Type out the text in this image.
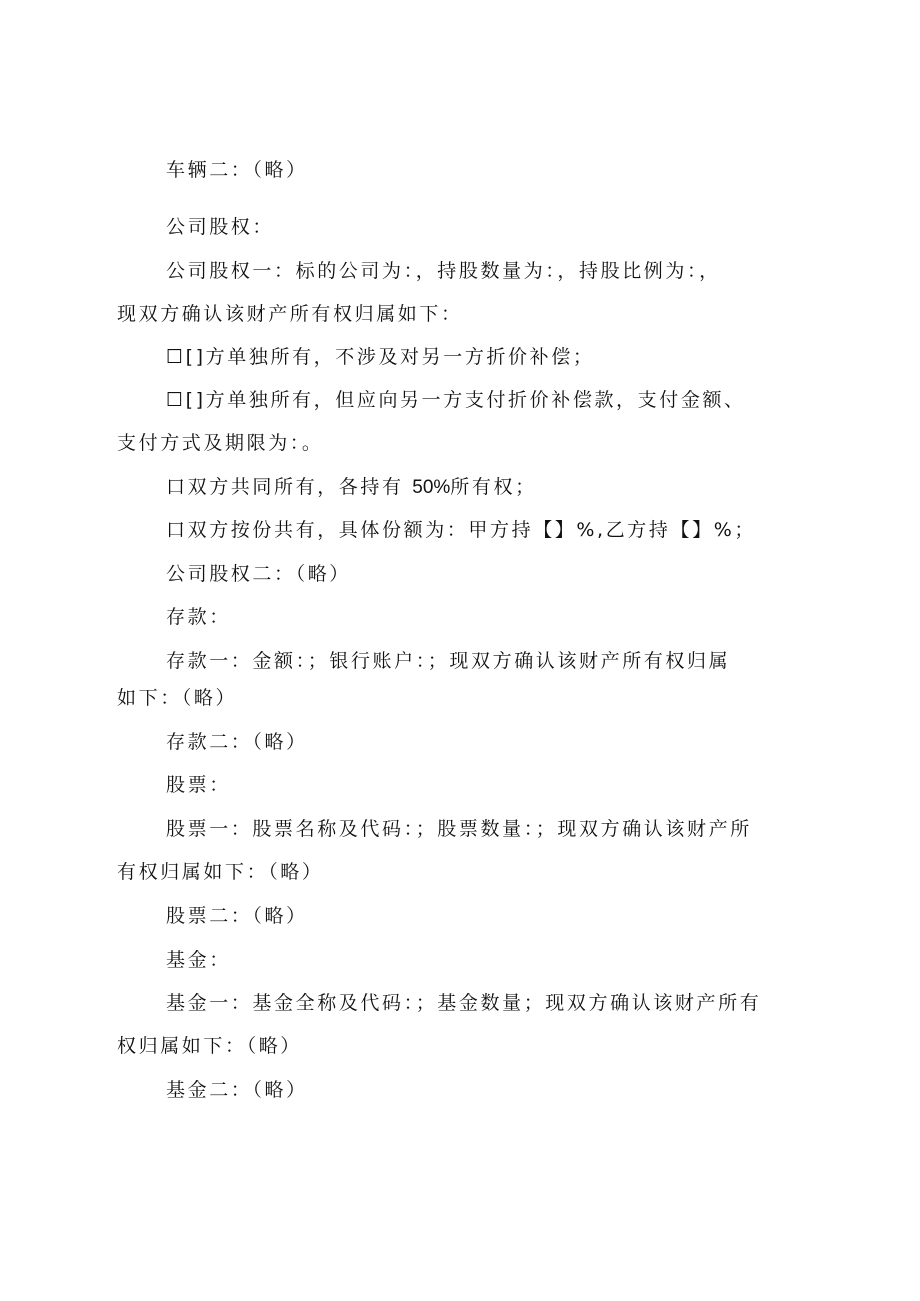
车辆二：（略）
公司股权：
公司股权一：标的公司为：，持股数量为：，持股比例为：，
现双方确认该财产所有权归属如下：
☐[]方单独所有，不涉及对另一方折价补偿；
☐[]方单独所有，但应向另一方支付折价补偿款，支付金额、
支付方式及期限为：。
口双方共同所有，各持有 50%所有权；
口双方按份共有，具体份额为：甲方持【】%,乙方持【】%；
公司股权二：（略）
存款：
存款一：金额：；银行账户：；现双方确认该财产所有权归属
如下：（略）
存款二：（略）
股票：
股票一：股票名称及代码：；股票数量：；现双方确认该财产所
有权归属如下：（略）
股票二：（略）
基金：
基金一：基金全称及代码：；基金数量；现双方确认该财产所有
权归属如下：（略）
基金二：（略）
